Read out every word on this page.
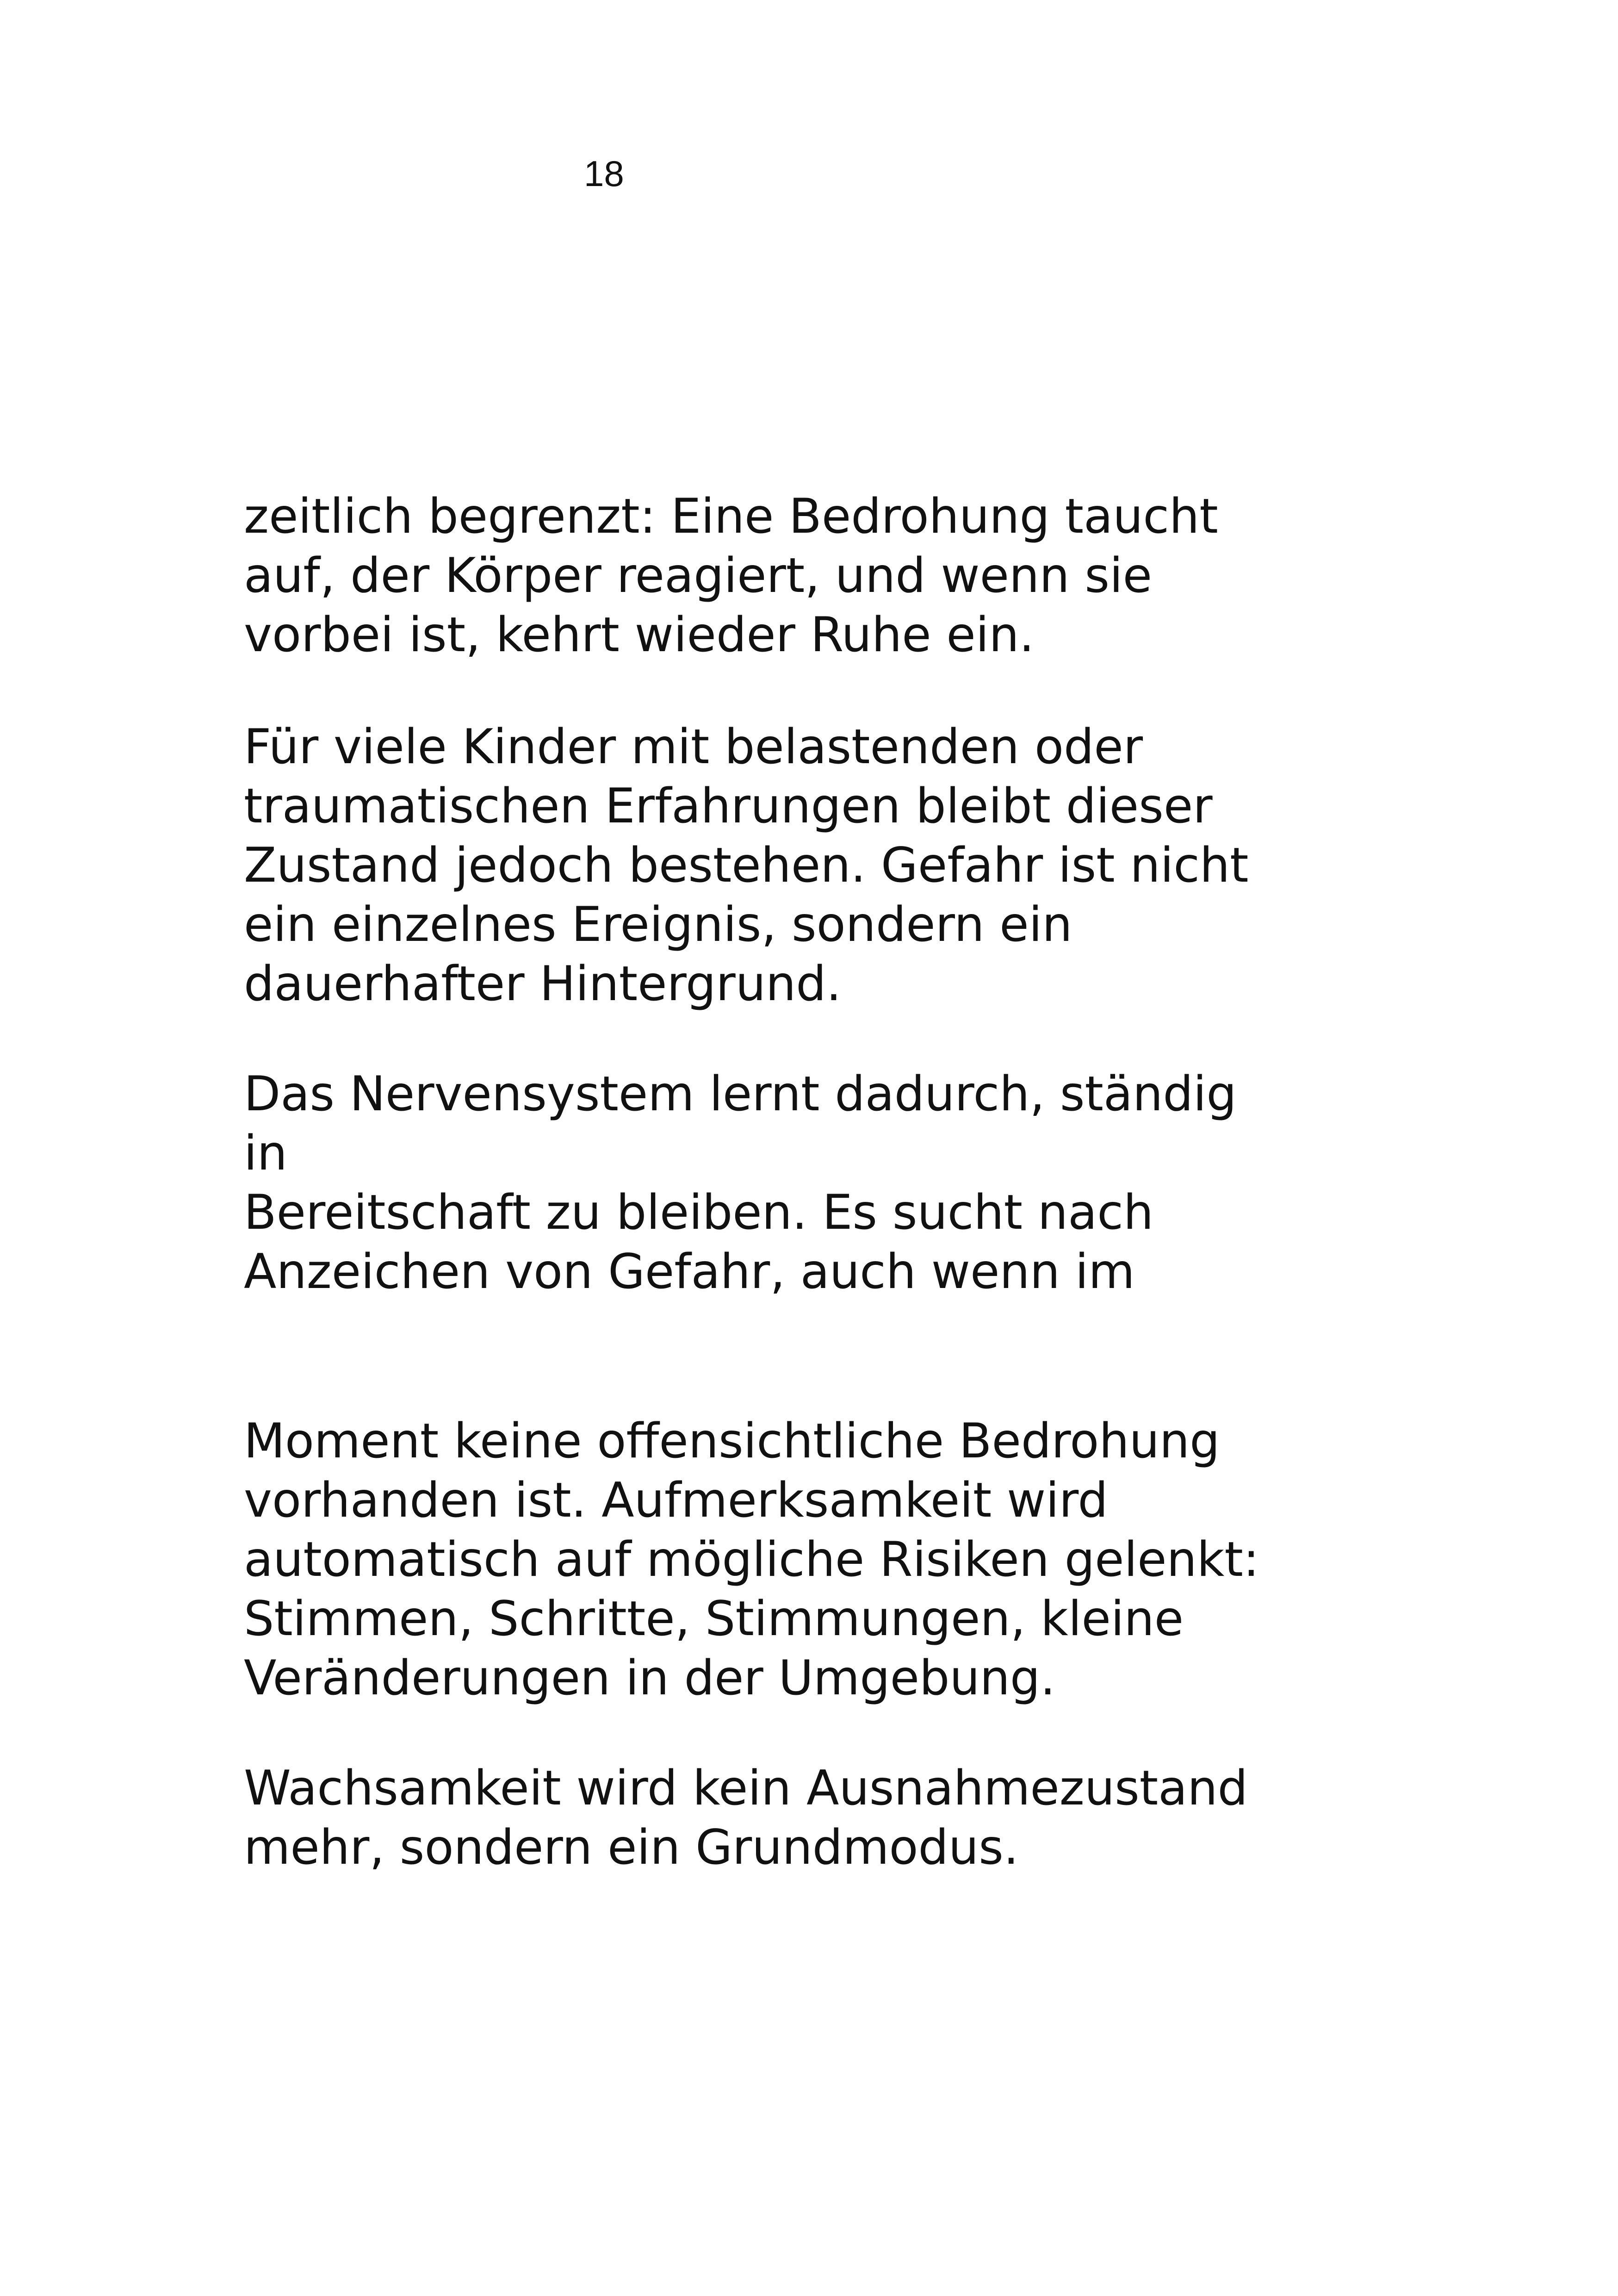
18

zeitlich begrenzt: Eine Bedrohung taucht
auf, der Körper reagiert, und wenn sie
vorbei ist, kehrt wieder Ruhe ein.

Für viele Kinder mit belastenden oder
traumatischen Erfahrungen bleibt dieser
Zustand jedoch bestehen. Gefahr ist nicht
ein einzelnes Ereignis, sondern ein
dauerhafter Hintergrund.

Das Nervensystem lernt dadurch, ständig
in
Bereitschaft zu bleiben. Es sucht nach
Anzeichen von Gefahr, auch wenn im

Moment keine offensichtliche Bedrohung
vorhanden ist. Aufmerksamkeit wird
automatisch auf mögliche Risiken gelenkt:
Stimmen, Schritte, Stimmungen, kleine
Veränderungen in der Umgebung.

Wachsamkeit wird kein Ausnahmezustand
mehr, sondern ein Grundmodus.
